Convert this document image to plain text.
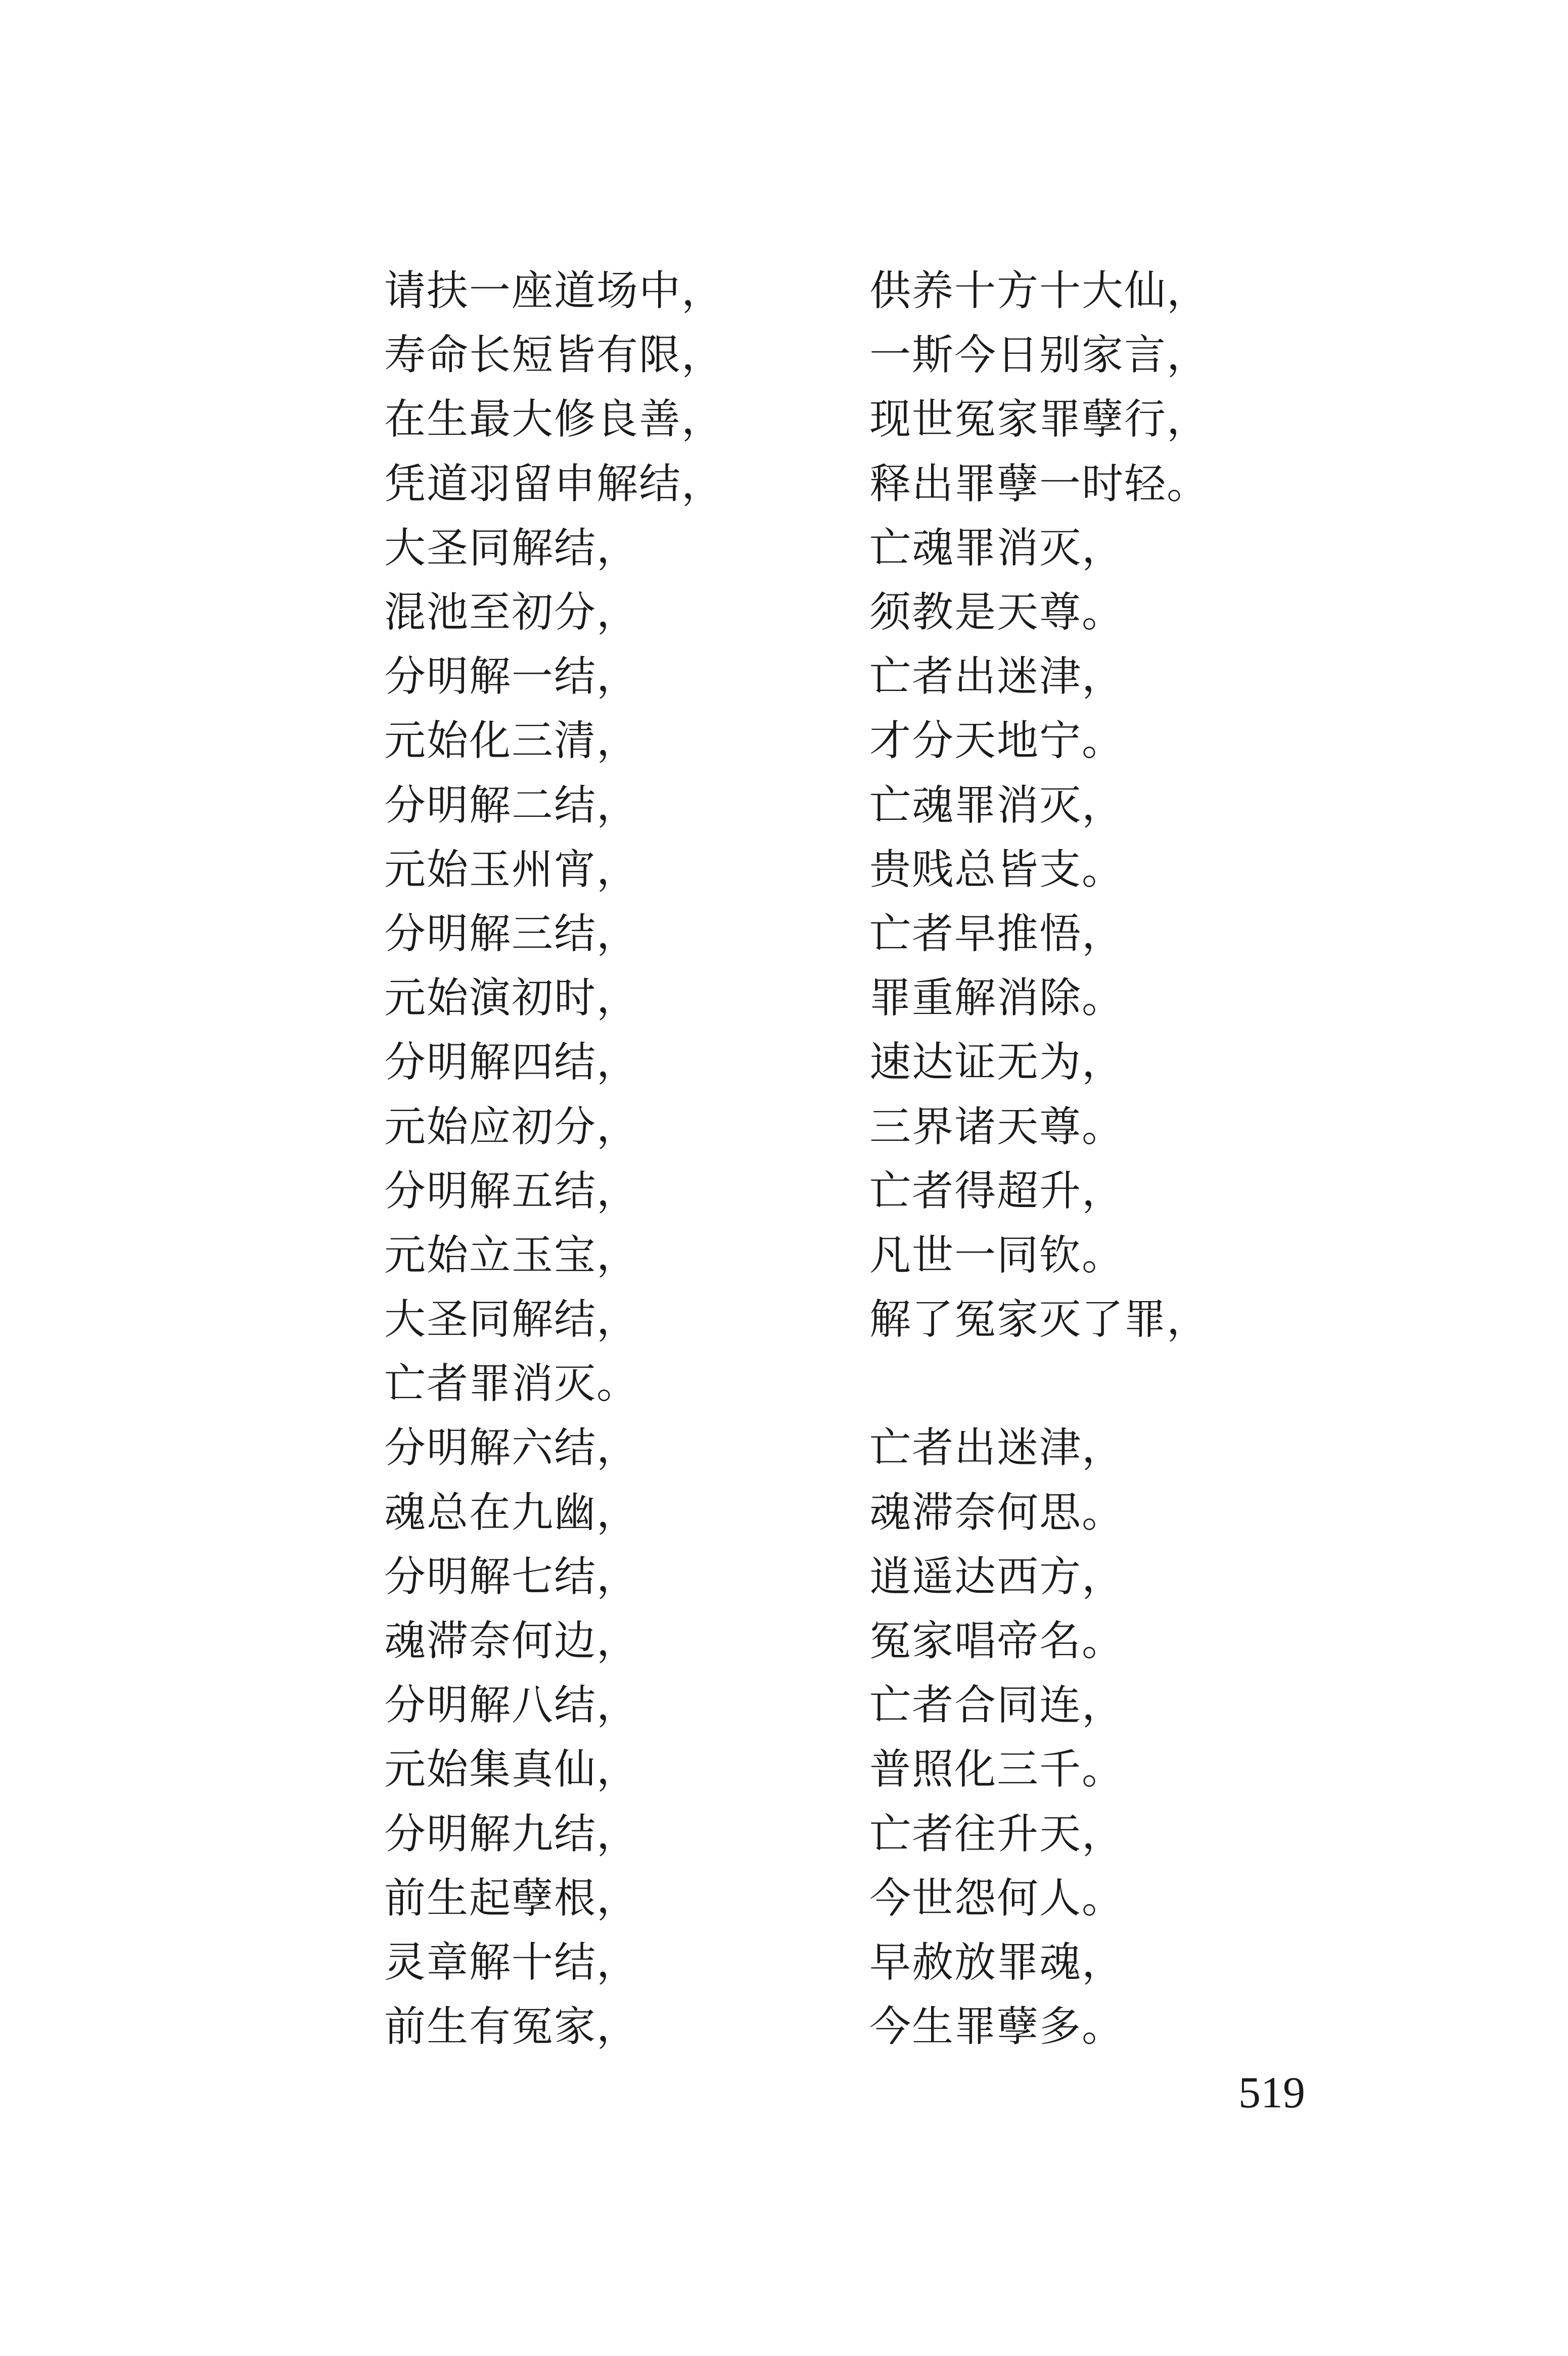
请扶一座道场中，	供养十方十大仙，
寿命长短皆有限，	一斯今日别家言，
在生最大修良善，	现世冤家罪孽行，
凭道羽留申解结，	释出罪孽一时轻。
大圣同解结，	亡魂罪消灭，
混池至初分，	须教是天尊。
分明解一结，	亡者出迷津，
元始化三清，	才分天地宁。
分明解二结，	亡魂罪消灭，
元始玉州宵，	贵贱总皆支。
分明解三结，	亡者早推悟，
元始演初时，	罪重解消除。
分明解四结，	速达证无为，
元始应初分，	三界诸天尊。
分明解五结，	亡者得超升，
元始立玉宝，	凡世一同钦。
大圣同解结，	解了冤家灭了罪，
亡者罪消灭。
分明解六结，	亡者出迷津，
魂总在九幽，	魂滞奈何思。
分明解七结，	逍遥达西方，
魂滞奈何边，	冤家唱帝名。
分明解八结，	亡者合同连，
元始集真仙，	普照化三千。
分明解九结，	亡者往升天，
前生起孽根，	今世怨何人。
灵章解十结，	早赦放罪魂，
前生有冤家，	今生罪孽多。
519
